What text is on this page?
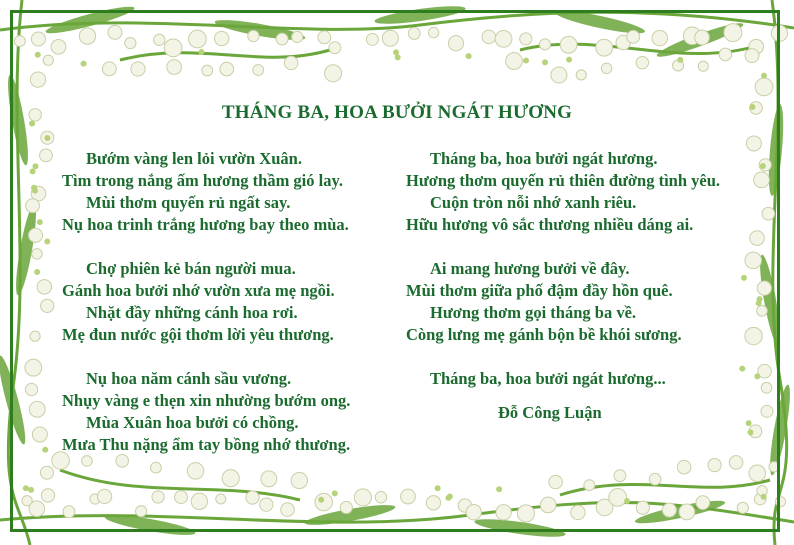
THÁNG BA, HOA BƯỞI NGÁT HƯƠNG
Bướm vàng len lỏi vườn Xuân.
Tìm trong nắng ấm hương thầm gió lay.
Mùi thơm quyến rủ ngất say.
Nụ hoa trinh trắng hương bay theo mùa.
Chợ phiên kẻ bán người mua.
Gánh hoa bưởi nhớ vườn xưa mẹ ngồi.
Nhặt đầy những cánh hoa rơi.
Mẹ đun nước gội thơm lời yêu thương.
Nụ hoa năm cánh sầu vương.
Nhụy vàng e thẹn xin nhường bướm ong.
Mùa Xuân hoa bưởi có chồng.
Mưa Thu nặng ẩm tay bồng nhớ thương.
Tháng ba, hoa bưởi ngát hương.
Hương thơm quyến rủ thiên đường tình yêu.
Cuộn tròn nỗi nhớ xanh riêu.
Hữu hương vô sắc thương nhiều dáng ai.
Ai mang hương bưởi về đây.
Mùi thơm giữa phố đậm đầy hồn quê.
Hương thơm gọi tháng ba về.
Còng lưng mẹ gánh bộn bề khói sương.
Tháng ba, hoa bưởi ngát hương...
Đỗ Công Luận
